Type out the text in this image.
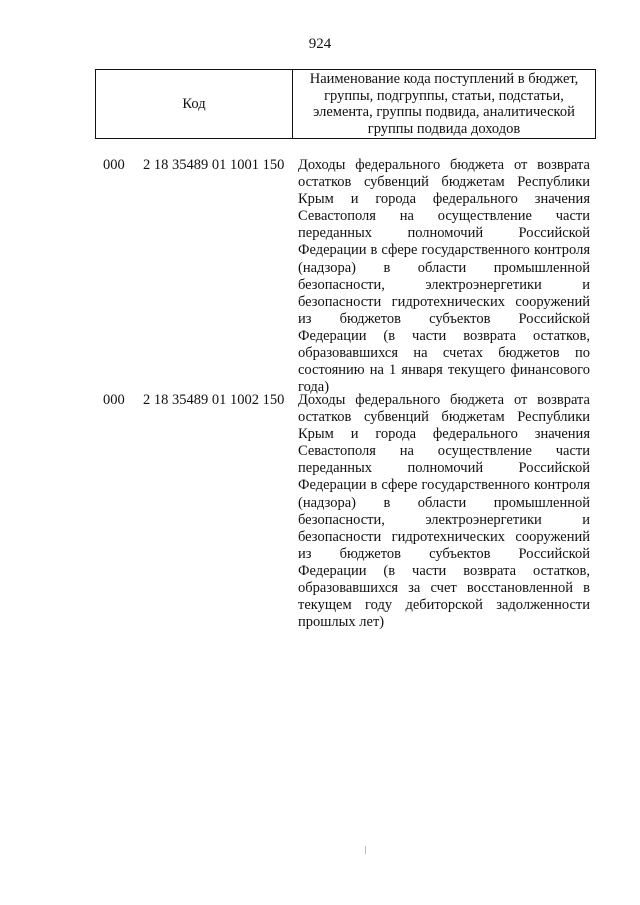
924
Код
Наименование кода поступлений в бюджет, группы, подгруппы, статьи, подстатьи, элемента, группы подвида, аналитической группы подвида доходов
000 2 18 35489 01 1001 150 Доходы федерального бюджета от возврата
остатков субвенций бюджетам Республики
Крым и города федерального значения
Севастополя на осуществление части
переданных полномочий Российской
Федерации в сфере государственного контроля
(надзора) в области промышленной
безопасности, электроэнергетики и
безопасности гидротехнических сооружений
из бюджетов субъектов Российской
Федерации (в части возврата остатков,
образовавшихся на счетах бюджетов по
состоянию на 1 января текущего финансового
года)
000 2 18 35489 01 1002 150 Доходы федерального бюджета от возврата
остатков субвенций бюджетам Республики
Крым и города федерального значения
Севастополя на осуществление части
переданных полномочий Российской
Федерации в сфере государственного контроля
(надзора) в области промышленной
безопасности, электроэнергетики и
безопасности гидротехнических сооружений
из бюджетов субъектов Российской
Федерации (в части возврата остатков,
образовавшихся за счет восстановленной в
текущем году дебиторской задолженности
прошлых лет)
